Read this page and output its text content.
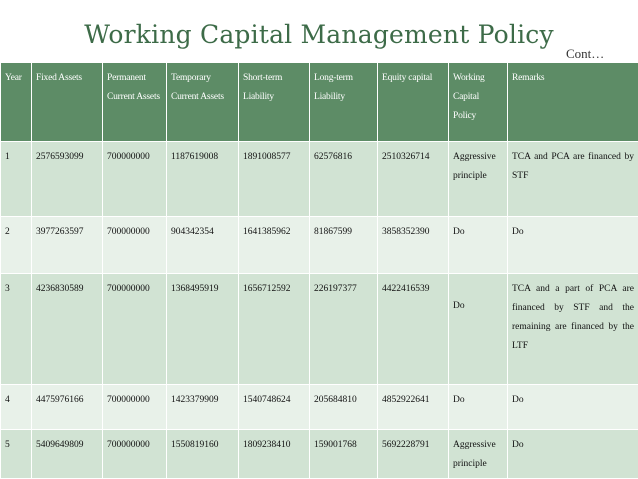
Working Capital Management Policy
Cont…
Year	Fixed Assets	Permanent Current Assets	Temporary Current Assets	Short-term Liability	Long-term Liability	Equity capital	Working Capital Policy	Remarks
1	2576593099	700000000	1187619008	1891008577	62576816	2510326714	Aggressive principle	TCA and PCA are financed by STF
2	3977263597	700000000	904342354	1641385962	81867599	3858352390	Do	Do
3	4236830589	700000000	1368495919	1656712592	226197377	4422416539	Do	TCA and a part of PCA are financed by STF and the remaining are financed by the LTF
4	4475976166	700000000	1423379909	1540748624	205684810	4852922641	Do	Do
5	5409649809	700000000	1550819160	1809238410	159001768	5692228791	Aggressive principle	Do
